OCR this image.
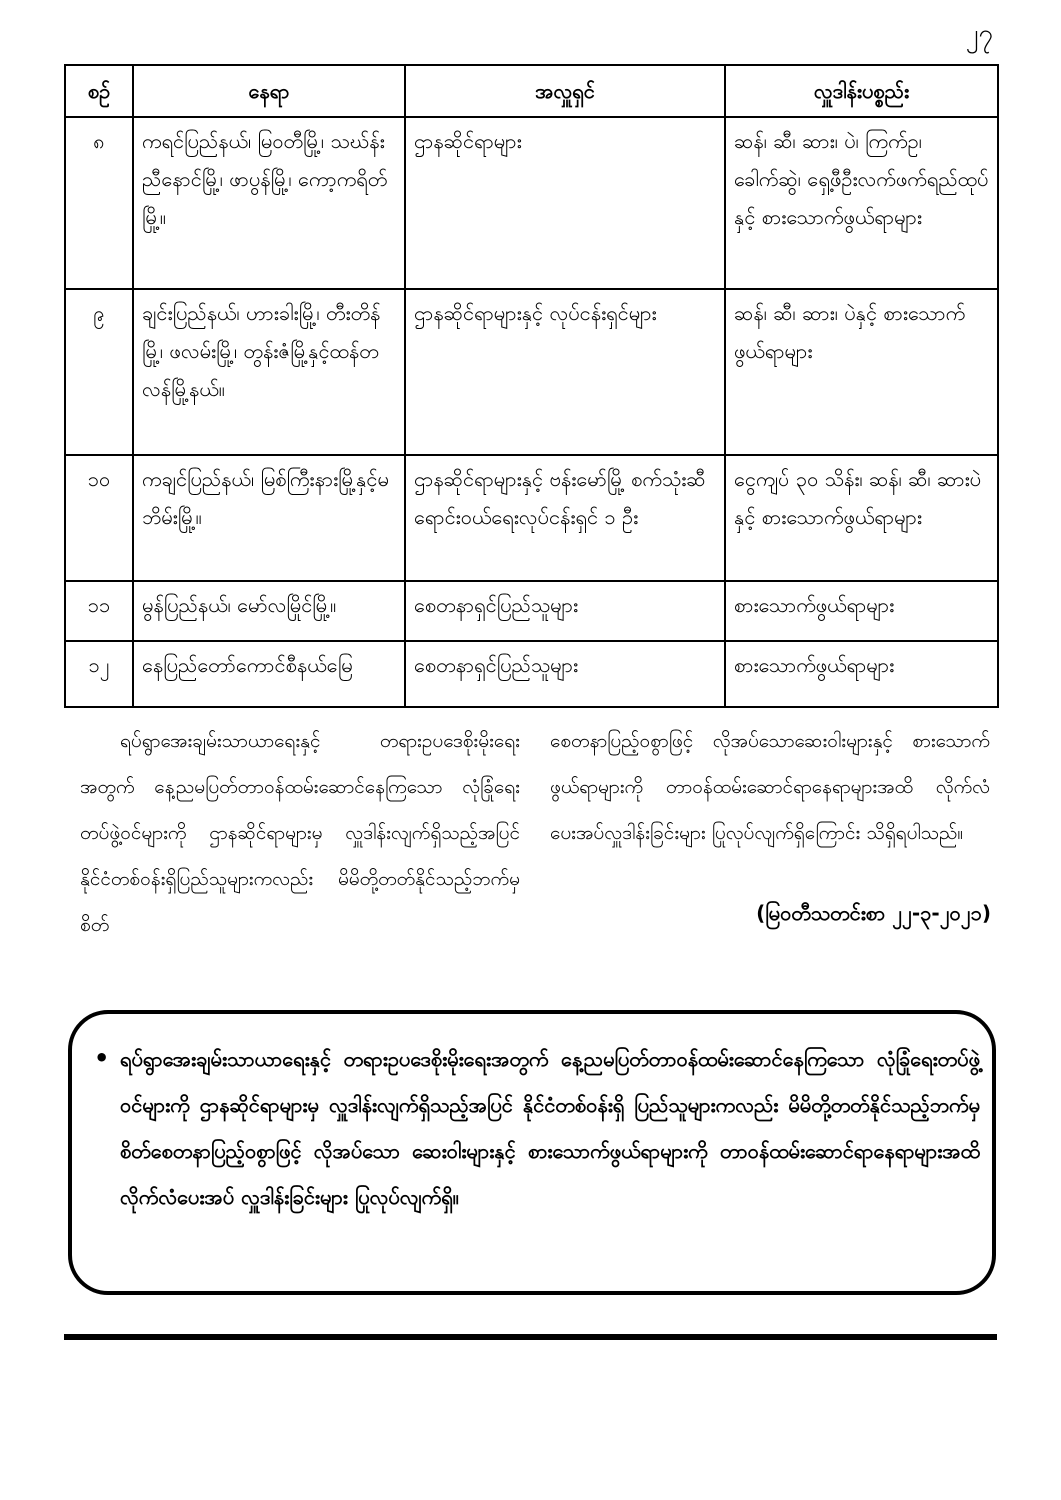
၂၇
စဉ်	နေရာ	အလှူရှင်	လှူဒါန်းပစ္စည်း
၈	ကရင်ပြည်နယ်၊ မြဝတီမြို့၊ သဃ်န်းညီနောင်မြို့၊ ဖာပွန်မြို့၊ ကော့ကရိတ်မြို့။	ဌာနဆိုင်ရာများ	ဆန်၊ ဆီ၊ ဆား၊ ပဲ၊ ကြက်ဥ၊ ခေါက်ဆွဲ၊ ရှေ့ဖီဦးလက်ဖက်ရည်ထုပ်နှင့် စားသောက်ဖွယ်ရာများ
၉	ချင်းပြည်နယ်၊ ဟားခါးမြို့၊ တီးတိန် မြို့၊ ဖလမ်းမြို့၊ တွန်းဇံမြို့နှင့်ထန်တလန်မြို့နယ်။	ဌာနဆိုင်ရာများနှင့် လုပ်ငန်းရှင်များ	ဆန်၊ ဆီ၊ ဆား၊ ပဲနှင့် စားသောက်ဖွယ်ရာများ
၁၀	ကချင်ပြည်နယ်၊ မြစ်ကြီးနားမြို့နှင့်မဘိမ်းမြို့။	ဌာနဆိုင်ရာများနှင့် ဗန်းမော်မြို့ စက်သုံးဆီရောင်းဝယ်ရေးလုပ်ငန်းရှင် ၁ ဦး	ငွေကျပ် ၃၀ သိန်း၊ ဆန်၊ ဆီ၊ ဆားပဲနှင့် စားသောက်ဖွယ်ရာများ
၁၁	မွန်ပြည်နယ်၊ မော်လမြိုင်မြို့။	စေတနာရှင်ပြည်သူများ	စားသောက်ဖွယ်ရာများ
၁၂	နေပြည်တော်ကောင်စီနယ်မြေ	စေတနာရှင်ပြည်သူများ	စားသောက်ဖွယ်ရာများ

ရပ်ရွာအေးချမ်းသာယာရေးနှင့် တရားဥပဒေစိုးမိုးရေးအတွက် နေ့ညမပြတ်တာဝန်ထမ်းဆောင်နေကြသော လုံခြုံရေးတပ်ဖွဲ့ဝင်များကို ဌာနဆိုင်ရာများမှ လှူဒါန်းလျက်ရှိသည့်အပြင် နိုင်ငံတစ်ဝန်းရှိပြည်သူများကလည်း မိမိတို့တတ်နိုင်သည့်ဘက်မှ စိတ်

စေတနာပြည့်ဝစွာဖြင့် လိုအပ်သောဆေးဝါးများနှင့် စားသောက်ဖွယ်ရာများကို တာဝန်ထမ်းဆောင်ရာနေရာများအထိ လိုက်လံပေးအပ်လှူဒါန်းခြင်းများ ပြုလုပ်လျက်ရှိကြောင်း သိရှိရပါသည်။

(မြဝတီသတင်းစာ ၂၂-၃-၂၀၂၁)
• ရပ်ရွာအေးချမ်းသာယာရေးနှင့် တရားဥပဒေစိုးမိုးရေးအတွက် နေ့ညမပြတ်တာဝန်ထမ်းဆောင်နေကြသော လုံခြုံရေးတပ်ဖွဲ့ဝင်များကို ဌာနဆိုင်ရာများမှ လှူဒါန်းလျက်ရှိသည့်အပြင် နိုင်ငံတစ်ဝန်းရှိ ပြည်သူများကလည်း မိမိတို့တတ်နိုင်သည့်ဘက်မှ စိတ်စေတနာပြည့်ဝစွာဖြင့် လိုအပ်သော ဆေးဝါးများနှင့် စားသောက်ဖွယ်ရာများကို တာဝန်ထမ်းဆောင်ရာနေရာများအထိ လိုက်လံပေးအပ် လှူဒါန်းခြင်းများ ပြုလုပ်လျက်ရှိ။
